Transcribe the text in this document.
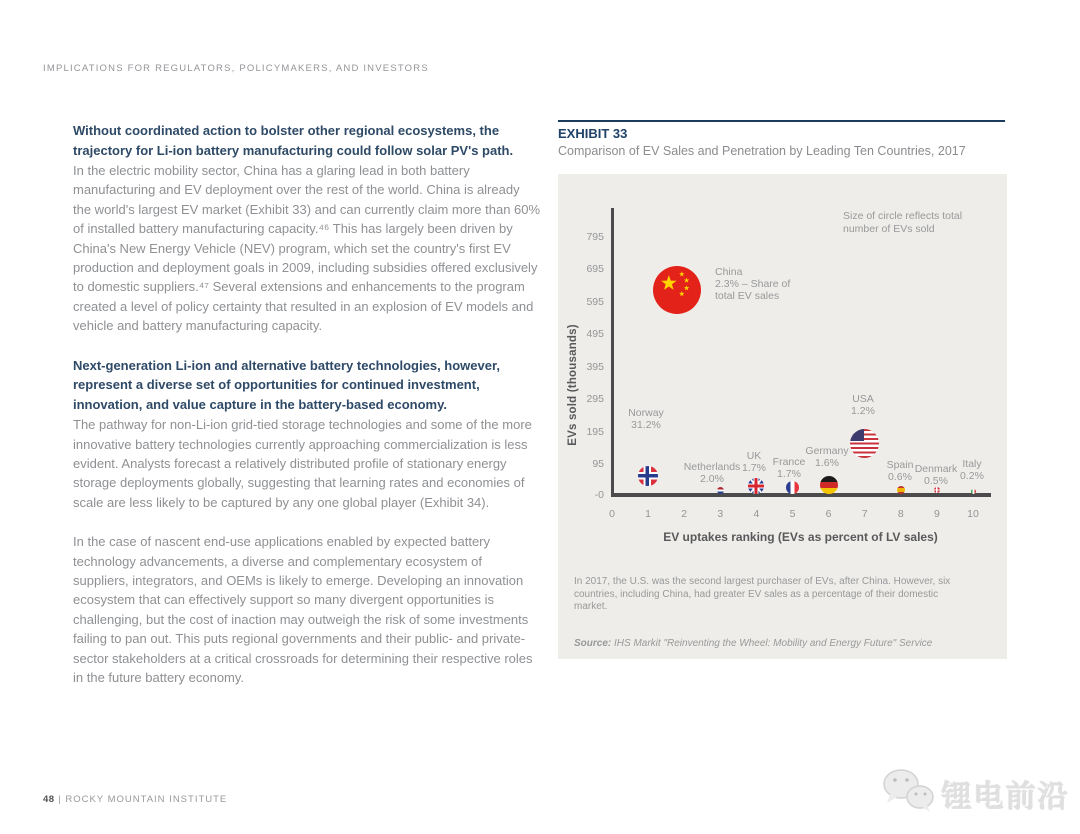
IMPLICATIONS FOR REGULATORS, POLICYMAKERS, AND INVESTORS

Without coordinated action to bolster other regional ecosystems, the trajectory for Li-ion battery manufacturing could follow solar PV's path.

In the electric mobility sector, China has a glaring lead in both battery manufacturing and EV deployment over the rest of the world. China is already the world's largest EV market (Exhibit 33) and can currently claim more than 60% of installed battery manufacturing capacity.⁴⁶ This has largely been driven by China's New Energy Vehicle (NEV) program, which set the country's first EV production and deployment goals in 2009, including subsidies offered exclusively to domestic suppliers.⁴⁷ Several extensions and enhancements to the program created a level of policy certainty that resulted in an explosion of EV models and vehicle and battery manufacturing capacity.

Next-generation Li-ion and alternative battery technologies, however, represent a diverse set of opportunities for continued investment, innovation, and value capture in the battery-based economy.

The pathway for non-Li-ion grid-tied storage technologies and some of the more innovative battery technologies currently approaching commercialization is less evident. Analysts forecast a relatively distributed profile of stationary energy storage deployments globally, suggesting that learning rates and economies of scale are less likely to be captured by any one global player (Exhibit 34).

In the case of nascent end-use applications enabled by expected battery technology advancements, a diverse and complementary ecosystem of suppliers, integrators, and OEMs is likely to emerge. Developing an innovation ecosystem that can effectively support so many divergent opportunities is challenging, but the cost of inaction may outweigh the risk of some investments failing to pan out. This puts regional governments and their public- and private-sector stakeholders at a critical crossroads for determining their respective roles in the future battery economy.

EXHIBIT 33
Comparison of EV Sales and Penetration by Leading Ten Countries, 2017
Size of circle reflects total number of EVs sold
EVs sold (thousands)
795
695
595
495
395
295
195
95
-0
0	1	2	3	4	5	6	7	8	9	10
Norway
31.2%
China
2.3% – Share of
total EV sales
Netherlands
2.0%
UK
1.7% France
1.7%
Germany
1.6%
USA
1.2%
Spain
0.6%
Denmark
0.5%
Italy
0.2%
EV uptakes ranking (EVs as percent of LV sales)
In 2017, the U.S. was the second largest purchaser of EVs, after China. However, six countries, including China, had greater EV sales as a percentage of their domestic market.
Source: IHS Markit "Reinventing the Wheel: Mobility and Energy Future" Service
48 | ROCKY MOUNTAIN INSTITUTE	锂电前沿
